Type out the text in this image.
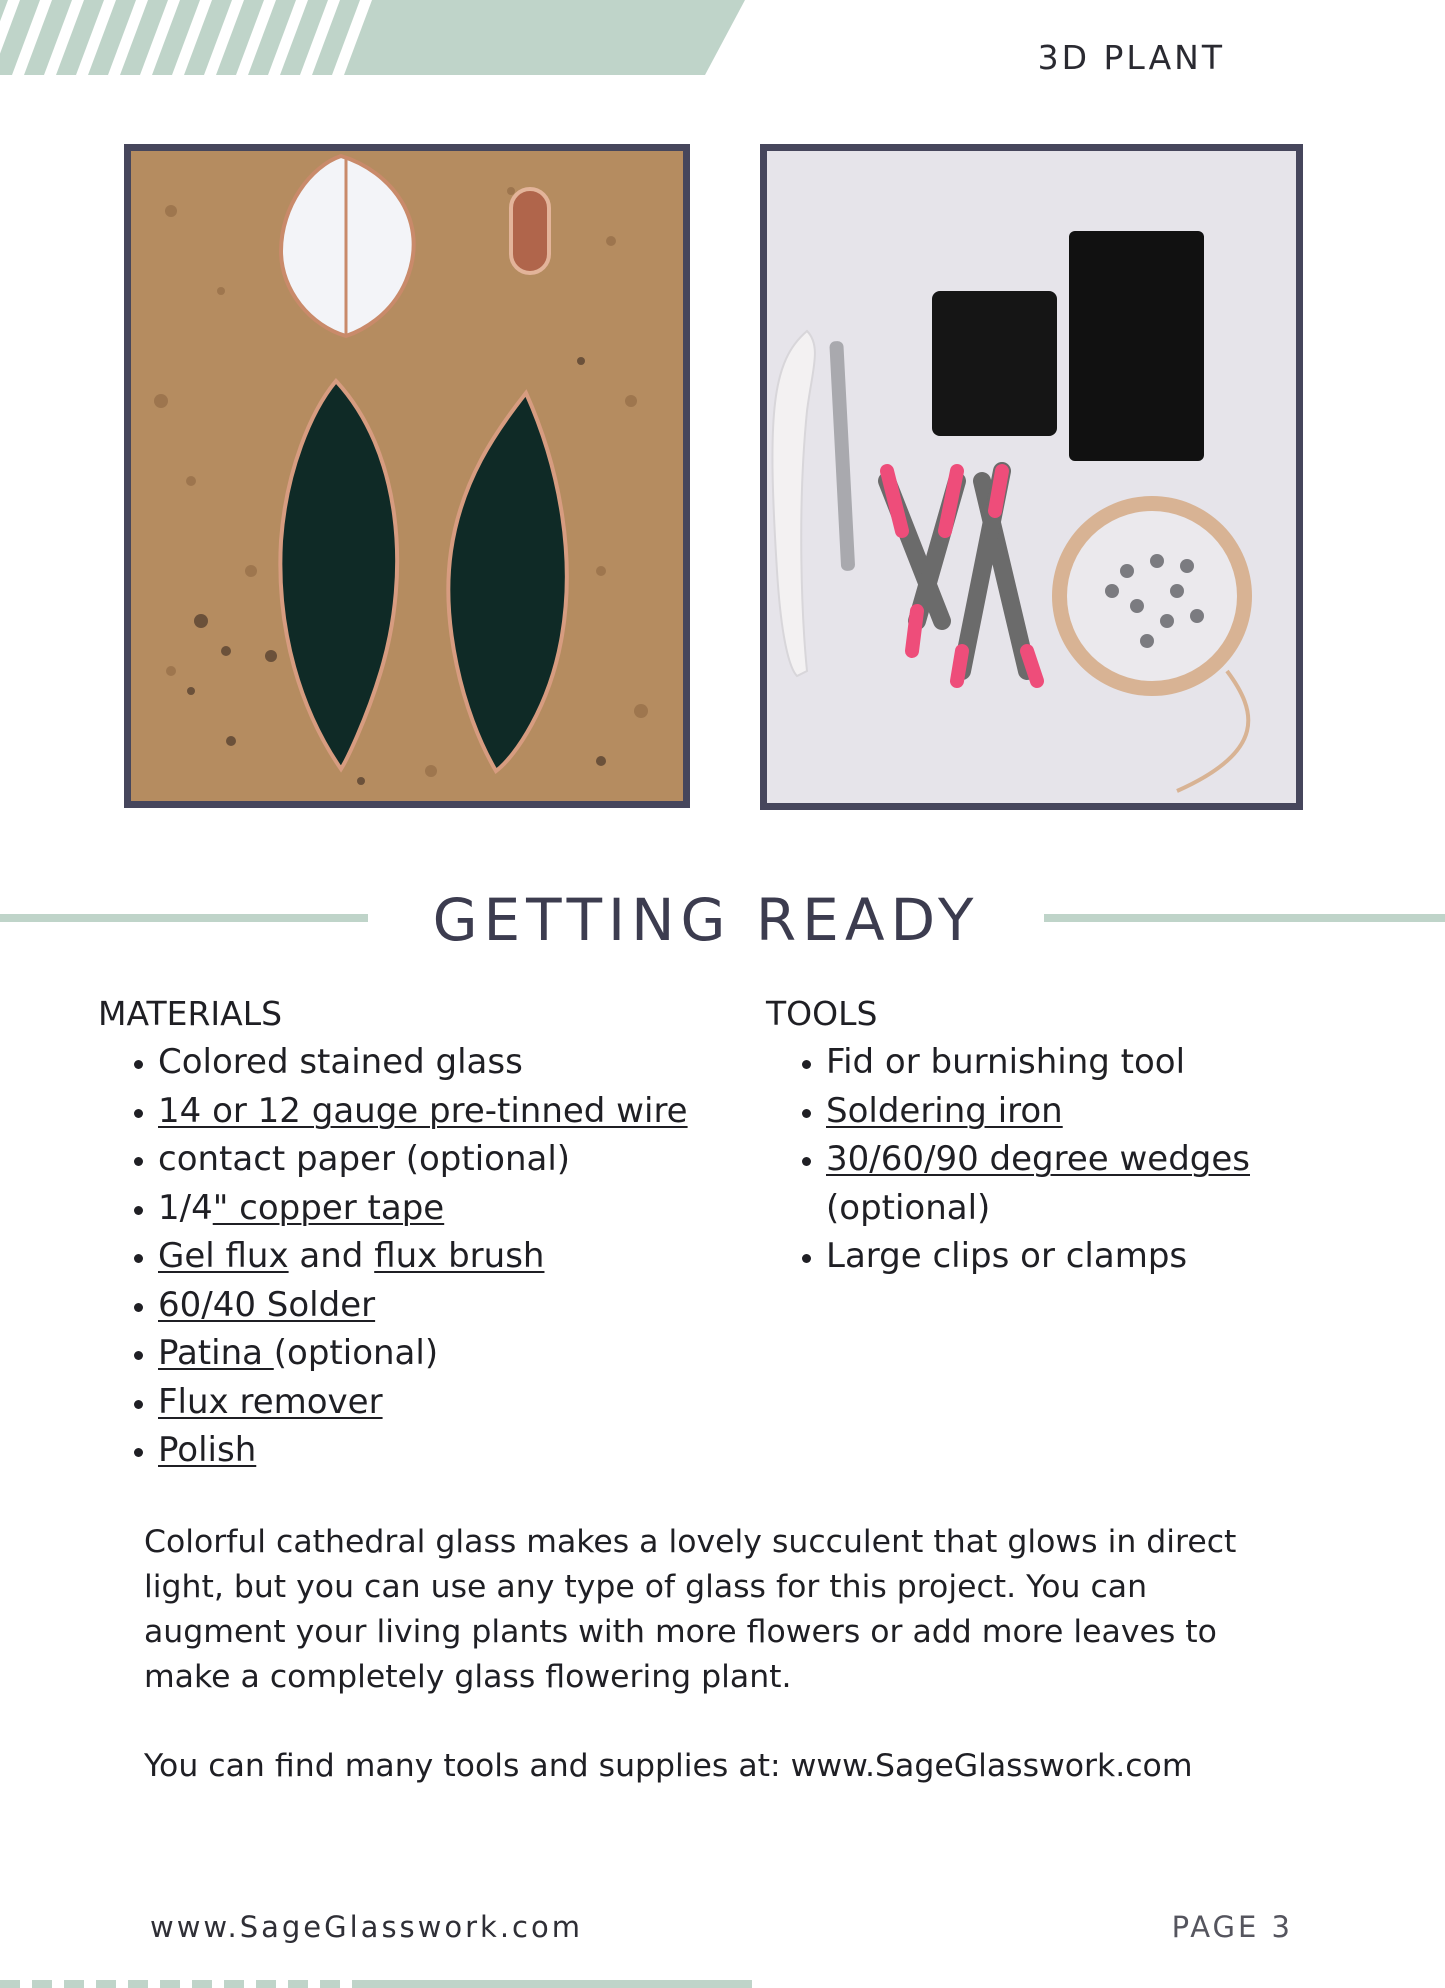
3D PLANT
GETTING READY
MATERIALS
• Colored stained glass
• 14 or 12 gauge pre-tinned wire
• contact paper (optional)
• 1/4" copper tape
• Gel flux and flux brush
• 60/40 Solder
• Patina (optional)
• Flux remover
• Polish
TOOLS
• Fid or burnishing tool
• Soldering iron
• 30/60/90 degree wedges
(optional)
• Large clips or clamps

Colorful cathedral glass makes a lovely succulent that glows in direct light, but you can use any type of glass for this project. You can augment your living plants with more flowers or add more leaves to make a completely glass flowering plant.

You can find many tools and supplies at: www.SageGlasswork.com

www.SageGlasswork.com	PAGE 3
